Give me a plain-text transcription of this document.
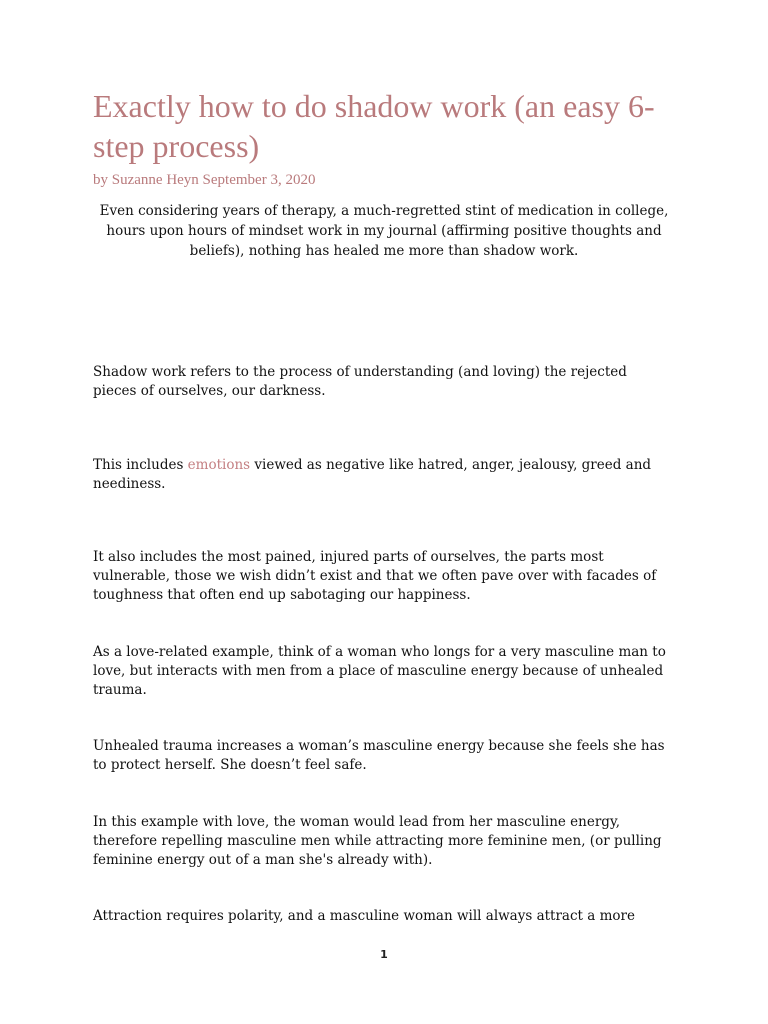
Exactly how to do shadow work (an easy 6-step process)

by Suzanne Heyn September 3, 2020

Even considering years of therapy, a much-regretted stint of medication in college, hours upon hours of mindset work in my journal (affirming positive thoughts and beliefs), nothing has healed me more than shadow work.

Shadow work refers to the process of understanding (and loving) the rejected pieces of ourselves, our darkness.

This includes emotions viewed as negative like hatred, anger, jealousy, greed and neediness.

It also includes the most pained, injured parts of ourselves, the parts most vulnerable, those we wish didn’t exist and that we often pave over with facades of toughness that often end up sabotaging our happiness.

As a love-related example, think of a woman who longs for a very masculine man to love, but interacts with men from a place of masculine energy because of unhealed trauma.

Unhealed trauma increases a woman’s masculine energy because she feels she has to protect herself. She doesn’t feel safe.

In this example with love, the woman would lead from her masculine energy, therefore repelling masculine men while attracting more feminine men, (or pulling feminine energy out of a man she's already with).

Attraction requires polarity, and a masculine woman will always attract a more

1
